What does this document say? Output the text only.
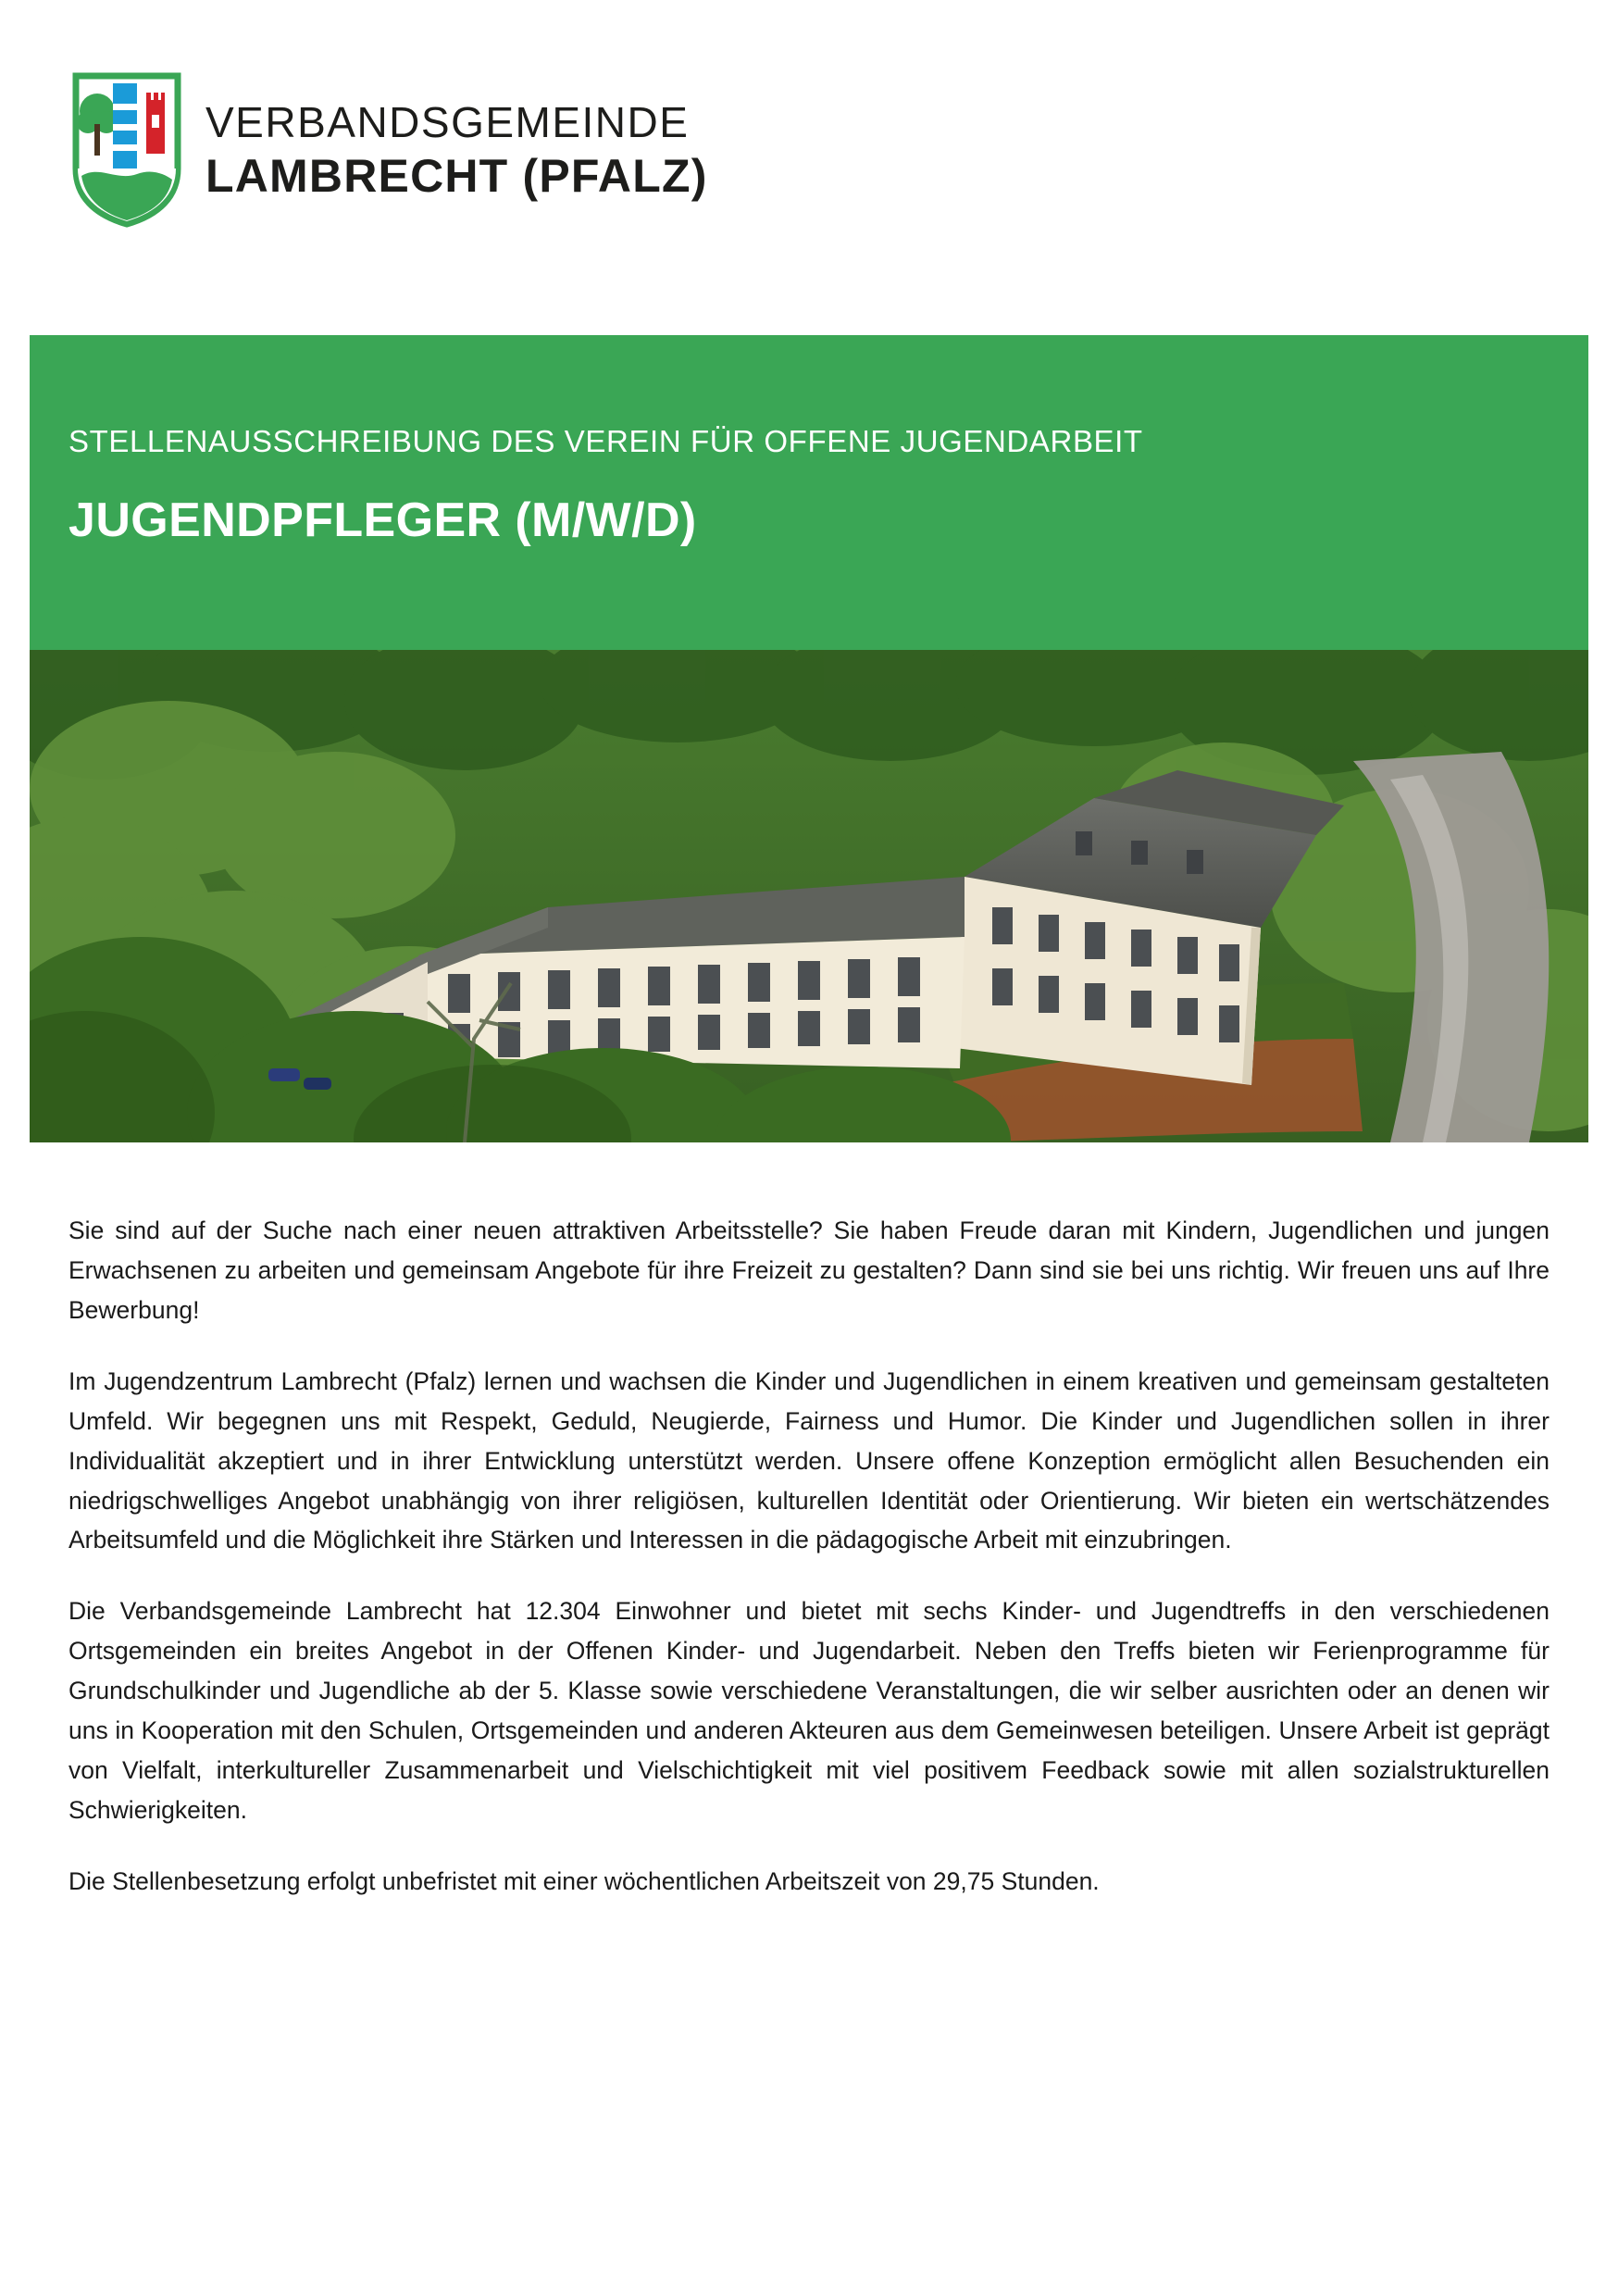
VERBANDSGEMEINDE
LAMBRECHT (PFALZ)
STELLENAUSSCHREIBUNG DES VEREIN FÜR OFFENE JUGENDARBEIT
JUGENDPFLEGER (M/W/D)

Sie sind auf der Suche nach einer neuen attraktiven Arbeitsstelle? Sie haben Freude daran mit Kindern, Jugendlichen und jungen Erwachsenen zu arbeiten und gemeinsam Angebote für ihre Freizeit zu gestalten? Dann sind sie bei uns richtig. Wir freuen uns auf Ihre Bewerbung!

Im Jugendzentrum Lambrecht (Pfalz) lernen und wachsen die Kinder und Jugendlichen in einem kreativen und gemeinsam gestalteten Umfeld. Wir begegnen uns mit Respekt, Geduld, Neugierde, Fairness und Humor. Die Kinder und Jugendlichen sollen in ihrer Individualität akzeptiert und in ihrer Entwicklung unterstützt werden. Unsere offene Konzeption ermöglicht allen Besuchenden ein niedrigschwelliges Angebot unabhängig von ihrer religiösen, kulturellen Identität oder Orientierung. Wir bieten ein wertschätzendes Arbeitsumfeld und die Möglichkeit ihre Stärken und Interessen in die pädagogische Arbeit mit einzubringen.

Die Verbandsgemeinde Lambrecht hat 12.304 Einwohner und bietet mit sechs Kinder- und Jugendtreffs in den verschiedenen Ortsgemeinden ein breites Angebot in der Offenen Kinder- und Jugendarbeit. Neben den Treffs bieten wir Ferienprogramme für Grundschulkinder und Jugendliche ab der 5. Klasse sowie verschiedene Veranstaltungen, die wir selber ausrichten oder an denen wir uns in Kooperation mit den Schulen, Ortsgemeinden und anderen Akteuren aus dem Gemeinwesen beteiligen. Unsere Arbeit ist geprägt von Vielfalt, interkultureller Zusammenarbeit und Vielschichtigkeit mit viel positivem Feedback sowie mit allen sozialstrukturellen Schwierigkeiten.

Die Stellenbesetzung erfolgt unbefristet mit einer wöchentlichen Arbeitszeit von 29,75 Stunden.
